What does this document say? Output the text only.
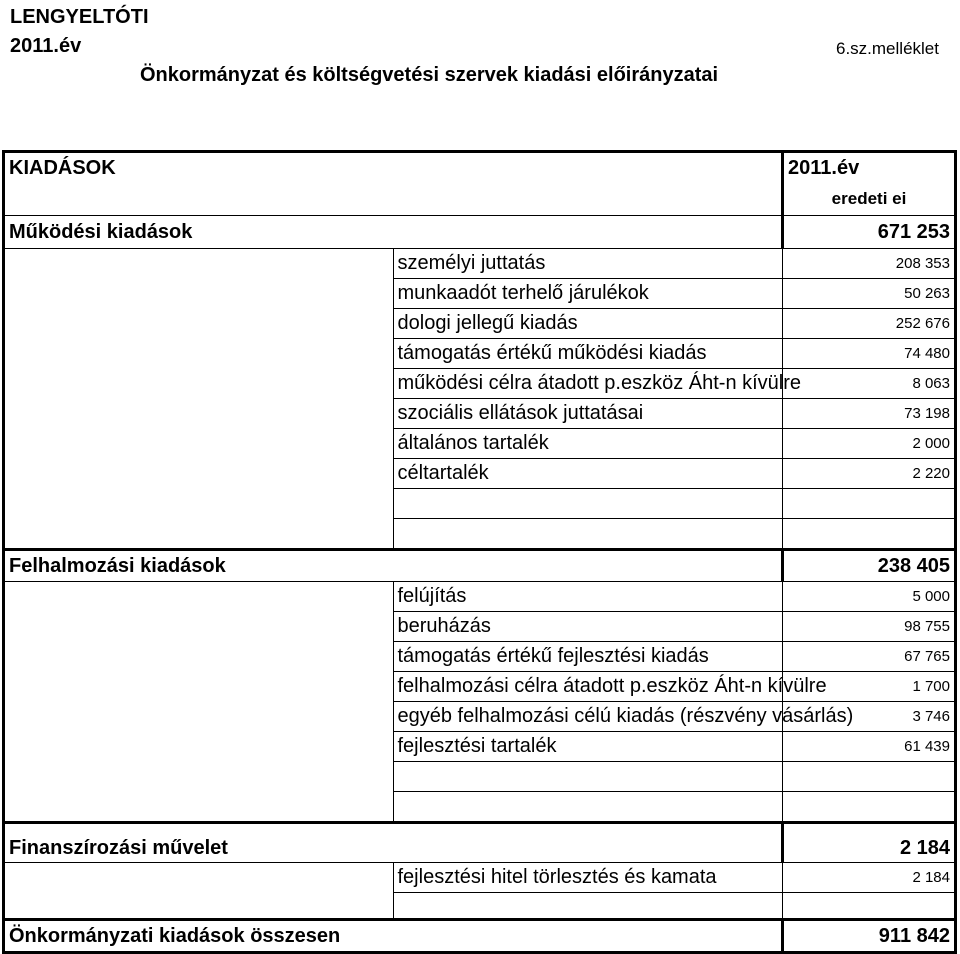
LENGYELTÓTI
2011.év	6.sz.melléklet
Önkormányzat és költségvetési szervek kiadási előirányzatai
KIADÁSOK		2011.év
		eredeti ei
Működési kiadások		671 253
	személyi juttatás	208 353
	munkaadót terhelő járulékok	50 263
	dologi jellegű kiadás	252 676
	támogatás értékű működési kiadás	74 480
	működési célra átadott p.eszköz Áht-n kívülre	8 063
	szociális ellátások juttatásai	73 198
	általános tartalék	2 000
	céltartalék	2 220

Felhalmozási kiadások		238 405
	felújítás	5 000
	beruházás	98 755
	támogatás értékű fejlesztési kiadás	67 765
	felhalmozási célra átadott p.eszköz Áht-n kívülre	1 700
	egyéb felhalmozási célú kiadás (részvény vásárlás)	3 746
	fejlesztési tartalék	61 439

Finanszírozási művelet		2 184
	fejlesztési hitel törlesztés és kamata	2 184

Önkormányzati kiadások összesen		911 842
